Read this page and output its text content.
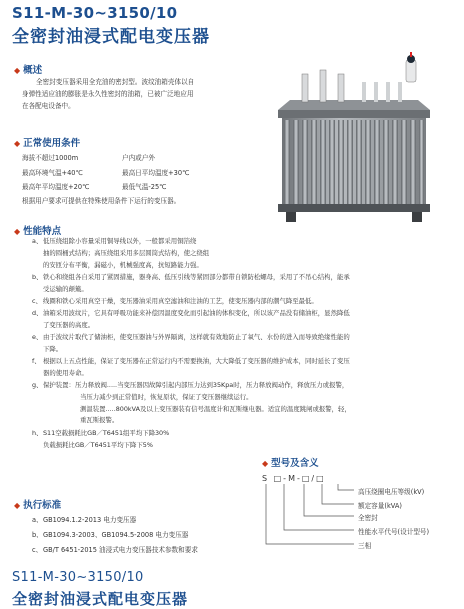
S11-M-30~3150/10
全密封油浸式配电变压器
◆ 概述
全密封变压器采用全充油的密封型。波纹油箱壳体以自
身弹性适应油的膨胀是永久性密封的油箱，已被广泛地应用
在各配电设备中。
◆ 正常使用条件
海拔不超过1000m	户内或户外
最高环境气温+40℃	最高日平均温度+30℃
最高年平均温度+20℃	最低气温-25℃
根据用户要求可提供在特殊使用条件下运行的变压器。
◆ 性能特点
a、低压绕组除小容量采用铜导线以外，一般都采用铜箔绕
抽的圆桶式结构；高压绕组采用多层圆筒式结构，使之绕组
的安匝分布平衡，漏磁小，机械强度高，抗短路能力强。
b、铁心和绕组各自采用了紧固措施，器身高、低压引线等紧固部分都带自锁防松螺母，采用了不吊心结构，能承
受运输的颠簸。
c、线圈和铁心采用真空干燥，变压器油采用真空滤油和注油的工艺，使变压器内部的潮气降至最低。
d、油箱采用波纹片，它具有呼吸功能来补偿因温度变化而引起油的体积变化，所以该产品没有储油柜，显然降低
了变压器的高度。
e、由于波纹片取代了储油柜，使变压器油与外界隔离，这样就有效地防止了氧气、水份的进入而导致绝缘性能的
下降。
f、 根据以上五点性能，保证了变压器在正常运行内不需要换油，大大降低了变压器的维护成本，同时延长了变压
器的使用寿命。
g、保护装置：压力释放阀.....当变压器因故障引起内部压力达到35Kpa时，压力释放阀动作，释放压力或报警，
当压力减少到正常值时，恢复原状，保证了变压器继续运行。
测温装置.....800kVA及以上变压器装有信号温度计和瓦斯继电器。适宜的温度跳闸或报警，轻，
重瓦斯报警。
h、S11空载损耗比GB／T6451组平均下降30%
负载损耗比GB／T6451平均下降下5%
◆ 执行标准
a、GB1094.1.2-2013 电力变压器
b、GB1094.3-2003、GB1094.5-2008 电力变压器
c、GB/T 6451-2015 油浸式电力变压器技术参数和要求
◆ 型号及含义
S □-M-□/□
高压绕圈电压等级(kV)
额定容量(kVA)
全密封
性能水平代号(设计型号)
三相
S11-M-30~3150/10
全密封油浸式配电变压器
